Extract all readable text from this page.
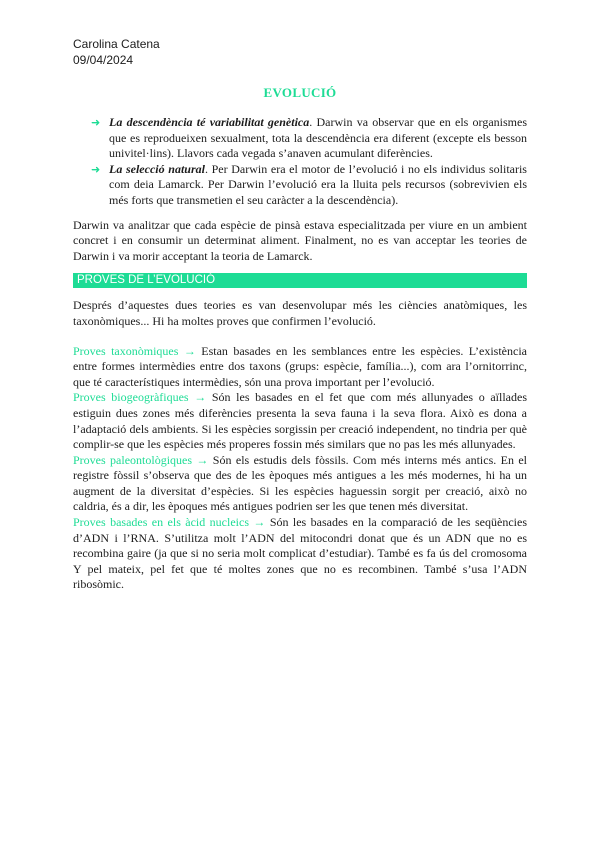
Carolina Catena
09/04/2024
EVOLUCIÓ
➜ La descendència té variabilitat genètica. Darwin va observar que en els organismes que es reprodueixen sexualment, tota la descendència era diferent (excepte els besson univitel·lins). Llavors cada vegada s’anaven acumulant diferències.
➜ La selecció natural. Per Darwin era el motor de l’evolució i no els individus solitaris com deia Lamarck. Per Darwin l’evolució era la lluita pels recursos (sobrevivien els més forts que transmetien el seu caràcter a la descendència).

Darwin va analitzar que cada espècie de pinsà estava especialitzada per viure en un ambient concret i en consumir un determinat aliment. Finalment, no es van acceptar les teories de Darwin i va morir acceptant la teoria de Lamarck.

PROVES DE L’EVOLUCIÓ

Després d’aquestes dues teories es van desenvolupar més les ciències anatòmiques, les taxonòmiques... Hi ha moltes proves que confirmen l’evolució.

Proves taxonòmiques → Estan basades en les semblances entre les espècies. L’existència entre formes intermèdies entre dos taxons (grups: espècie, família...), com ara l’ornitorrinc, que té característiques intermèdies, són una prova important per l’evolució.

Proves biogeogràfiques → Són les basades en el fet que com més allunyades o aïllades estiguin dues zones més diferències presenta la seva fauna i la seva flora. Això es dona a l’adaptació dels ambients. Si les espècies sorgissin per creació independent, no tindria per què complir-se que les espècies més properes fossin més similars que no pas les més allunyades.

Proves paleontològiques → Són els estudis dels fòssils. Com més interns més antics. En el registre fòssil s’observa que des de les èpoques més antigues a les més modernes, hi ha un augment de la diversitat d’espècies. Si les espècies haguessin sorgit per creació, això no caldria, és a dir, les èpoques més antigues podrien ser les que tenen més diversitat.

Proves basades en els àcid nucleics → Són les basades en la comparació de les seqüències d’ADN i l’RNA. S’utilitza molt l’ADN del mitocondri donat que és un ADN que no es recombina gaire (ja que si no seria molt complicat d’estudiar). També es fa ús del cromosoma Y pel mateix, pel fet que té moltes zones que no es recombinen. També s’usa l’ADN ribosòmic.
